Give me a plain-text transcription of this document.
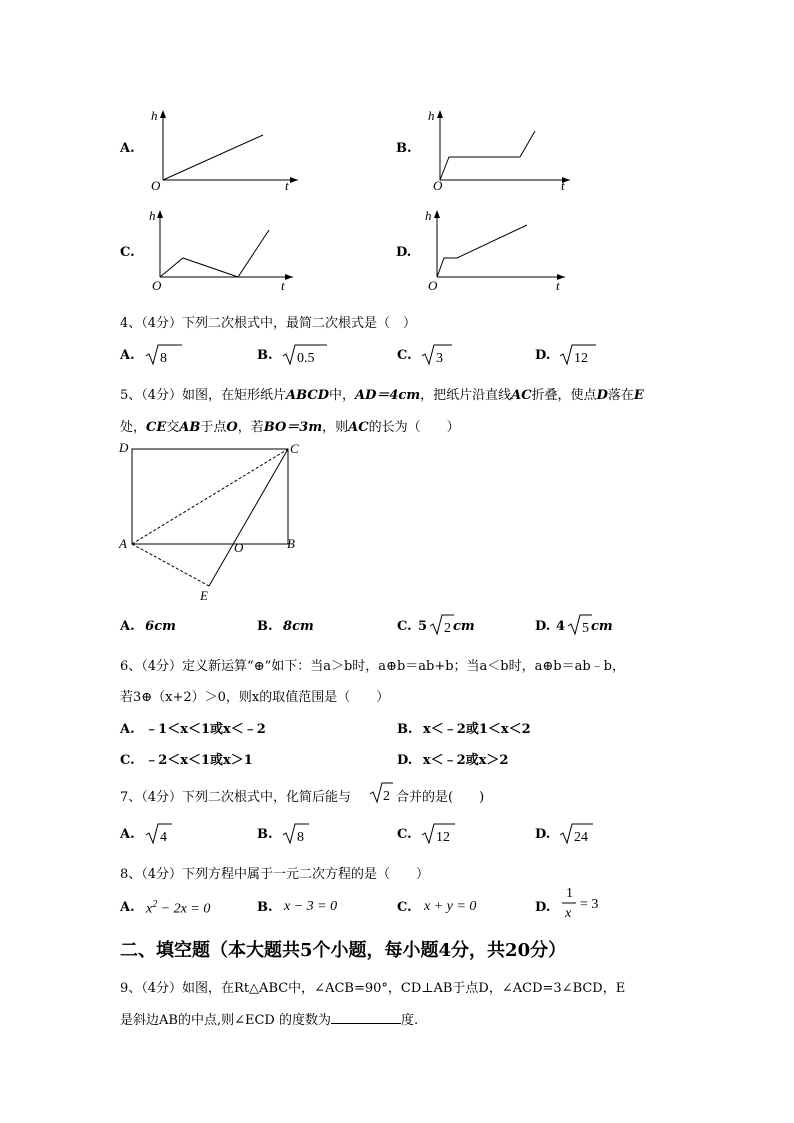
A.
h
O	t
B.
h
O	t
C.
h
O	t
D.
h
O	t
4、（4分）下列二次根式中，最简二次根式是（　）
A. 8	B. 0.5	C. 3	D. 12
5、（4分）如图，在矩形纸片ABCD中，AD＝4cm，把纸片沿直线AC折叠，使点D落在E
处，CE交AB于点O，若BO＝3m，则AC的长为（　　）
D	C
A	O	B
E
A. 6cm	B. 8cm	C. 5 2 cm	D. 4 5 cm
6、（4分）定义新运算“⊕”如下：当a＞b时，a⊕b＝ab+b；当a＜b时，a⊕b＝ab﹣b，
若3⊕（x+2）＞0，则x的取值范围是（　　）
A. ﹣1＜x＜1或x＜﹣2	B. x＜﹣2或1＜x＜2
C. ﹣2＜x＜1或x＞1	D. x＜﹣2或x＞2
7、（4分）下列二次根式中，化简后能与 2 合并的是(　　)
A. 4	B. 8	C. 12	D. 24
8、（4分）下列方程中属于一元二次方程的是（　　）
A. $x^2 - 2x = 0$	B. x − 3 = 0	C. x + y = 0	D.
1
x
= 3
二、填空题（本大题共5个小题，每小题4分，共20分）
9、（4分）如图，在Rt△ABC中，∠ACB=90°，CD⊥AB于点D，∠ACD=3∠BCD，E
是斜边AB的中点,则∠ECD 的度数为	度.
